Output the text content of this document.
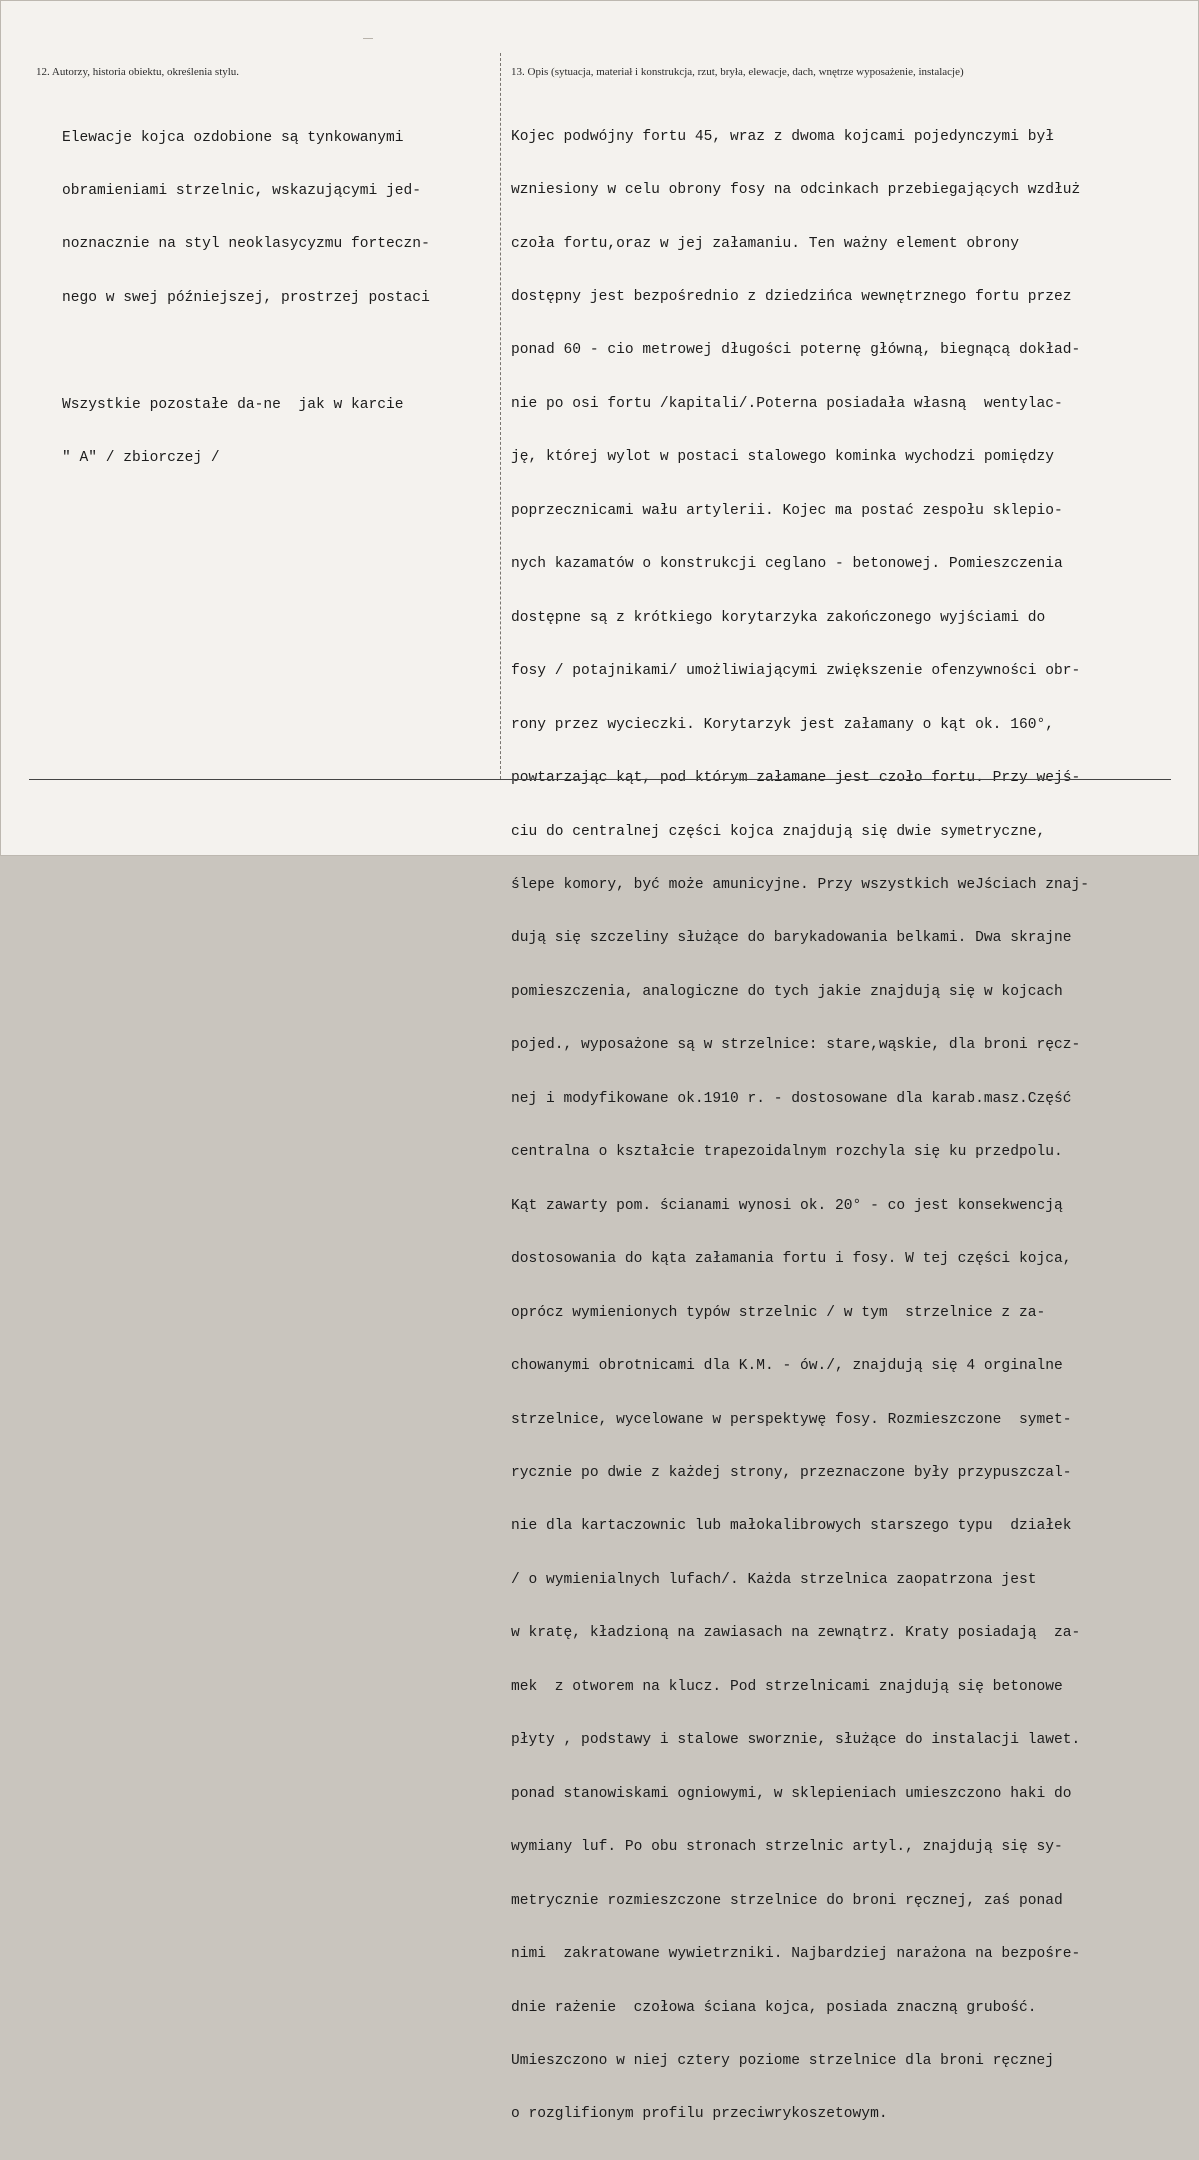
12. Autorzy, historia obiektu, określenia stylu.	13. Opis (sytuacja, materiał i konstrukcja, rzut, bryła, elewacje, dach, wnętrze wyposażenie, instalacje)

Elewacje kojca ozdobione są tynkowanymi

obramieniami strzelnic, wskazującymi jed-

noznacznie na styl neoklasycyzmu forteczn-

nego w swej późniejszej, prostrzej postaci

Wszystkie pozostałe da-ne  jak w karcie

" A" / zbiorczej /

Kojec podwójny fortu 45, wraz z dwoma kojcami pojedynczymi był

wzniesiony w celu obrony fosy na odcinkach przebiegających wzdłuż

czoła fortu,oraz w jej załamaniu. Ten ważny element obrony

dostępny jest bezpośrednio z dziedzińca wewnętrznego fortu przez

ponad 60 - cio metrowej długości poternę główną, biegnącą dokład-

nie po osi fortu /kapitali/.Poterna posiadała własną  wentylac-

ję, której wylot w postaci stalowego kominka wychodzi pomiędzy

poprzecznicami wału artylerii. Kojec ma postać zespołu sklepio-

nych kazamatów o konstrukcji ceglano - betonowej. Pomieszczenia

dostępne są z krótkiego korytarzyka zakończonego wyjściami do

fosy / potajnikami/ umożliwiającymi zwiększenie ofenzywności obr-

rony przez wycieczki. Korytarzyk jest załamany o kąt ok. 160°,

powtarzając kąt, pod którym załamane jest czoło fortu. Przy wejś-

ciu do centralnej części kojca znajdują się dwie symetryczne,

ślepe komory, być może amunicyjne. Przy wszystkich weJściach znaj-

dują się szczeliny służące do barykadowania belkami. Dwa skrajne

pomieszczenia, analogiczne do tych jakie znajdują się w kojcach

pojed., wyposażone są w strzelnice: stare,wąskie, dla broni ręcz-

nej i modyfikowane ok.1910 r. - dostosowane dla karab.masz.Część

centralna o kształcie trapezoidalnym rozchyla się ku przedpolu.

Kąt zawarty pom. ścianami wynosi ok. 20° - co jest konsekwencją

dostosowania do kąta załamania fortu i fosy. W tej części kojca,

oprócz wymienionych typów strzelnic / w tym  strzelnice z za-

chowanymi obrotnicami dla K.M. - ów./, znajdują się 4 orginalne

strzelnice, wycelowane w perspektywę fosy. Rozmieszczone  symet-

rycznie po dwie z każdej strony, przeznaczone były przypuszczal-

nie dla kartaczownic lub małokalibrowych starszego typu  działek

/ o wymienialnych lufach/. Każda strzelnica zaopatrzona jest

w kratę, kładzioną na zawiasach na zewnątrz. Kraty posiadają  za-

mek  z otworem na klucz. Pod strzelnicami znajdują się betonowe

płyty , podstawy i stalowe sworznie, służące do instalacji lawet.

ponad stanowiskami ogniowymi, w sklepieniach umieszczono haki do

wymiany luf. Po obu stronach strzelnic artyl., znajdują się sy-

metrycznie rozmieszczone strzelnice do broni ręcznej, zaś ponad

nimi  zakratowane wywietrzniki. Najbardziej narażona na bezpośre-

dnie rażenie  czołowa ściana kojca, posiada znaczną grubość.

Umieszczono w niej cztery poziome strzelnice dla broni ręcznej

o rozglifionym profilu przeciwrykoszetowym.
